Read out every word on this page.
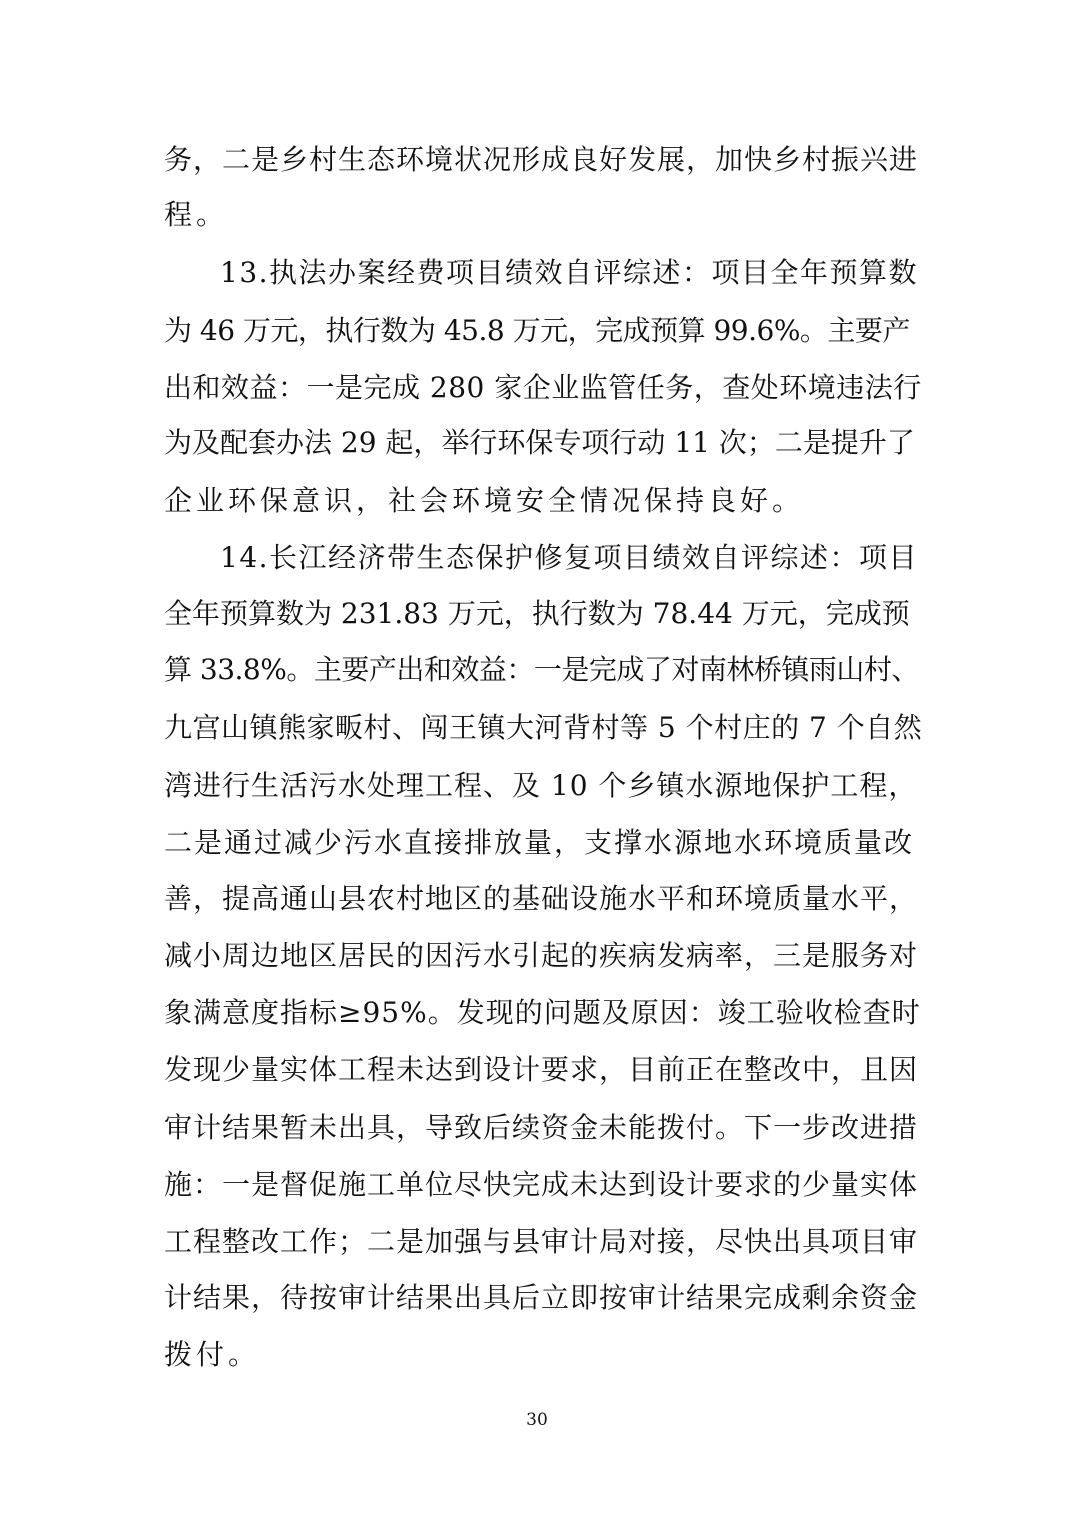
务，二是乡村生态环境状况形成良好发展，加快乡村振兴进
程。
13.执法办案经费项目绩效自评综述：项目全年预算数
为 46 万元，执行数为 45.8 万元，完成预算 99.6%。主要产
出和效益：一是完成 280 家企业监管任务，查处环境违法行
为及配套办法 29 起，举行环保专项行动 11 次；二是提升了
企业环保意识，社会环境安全情况保持良好。
14.长江经济带生态保护修复项目绩效自评综述：项目
全年预算数为 231.83 万元，执行数为 78.44 万元，完成预
算 33.8%。主要产出和效益：一是完成了对南林桥镇雨山村、
九宫山镇熊家畈村、闯王镇大河背村等 5 个村庄的 7 个自然
湾进行生活污水处理工程、及 10 个乡镇水源地保护工程，
二是通过减少污水直接排放量，支撑水源地水环境质量改
善，提高通山县农村地区的基础设施水平和环境质量水平，
减小周边地区居民的因污水引起的疾病发病率，三是服务对
象满意度指标≥95%。发现的问题及原因：竣工验收检查时
发现少量实体工程未达到设计要求，目前正在整改中，且因
审计结果暂未出具，导致后续资金未能拨付。下一步改进措
施：一是督促施工单位尽快完成未达到设计要求的少量实体
工程整改工作；二是加强与县审计局对接，尽快出具项目审
计结果，待按审计结果出具后立即按审计结果完成剩余资金
拨付。
30
